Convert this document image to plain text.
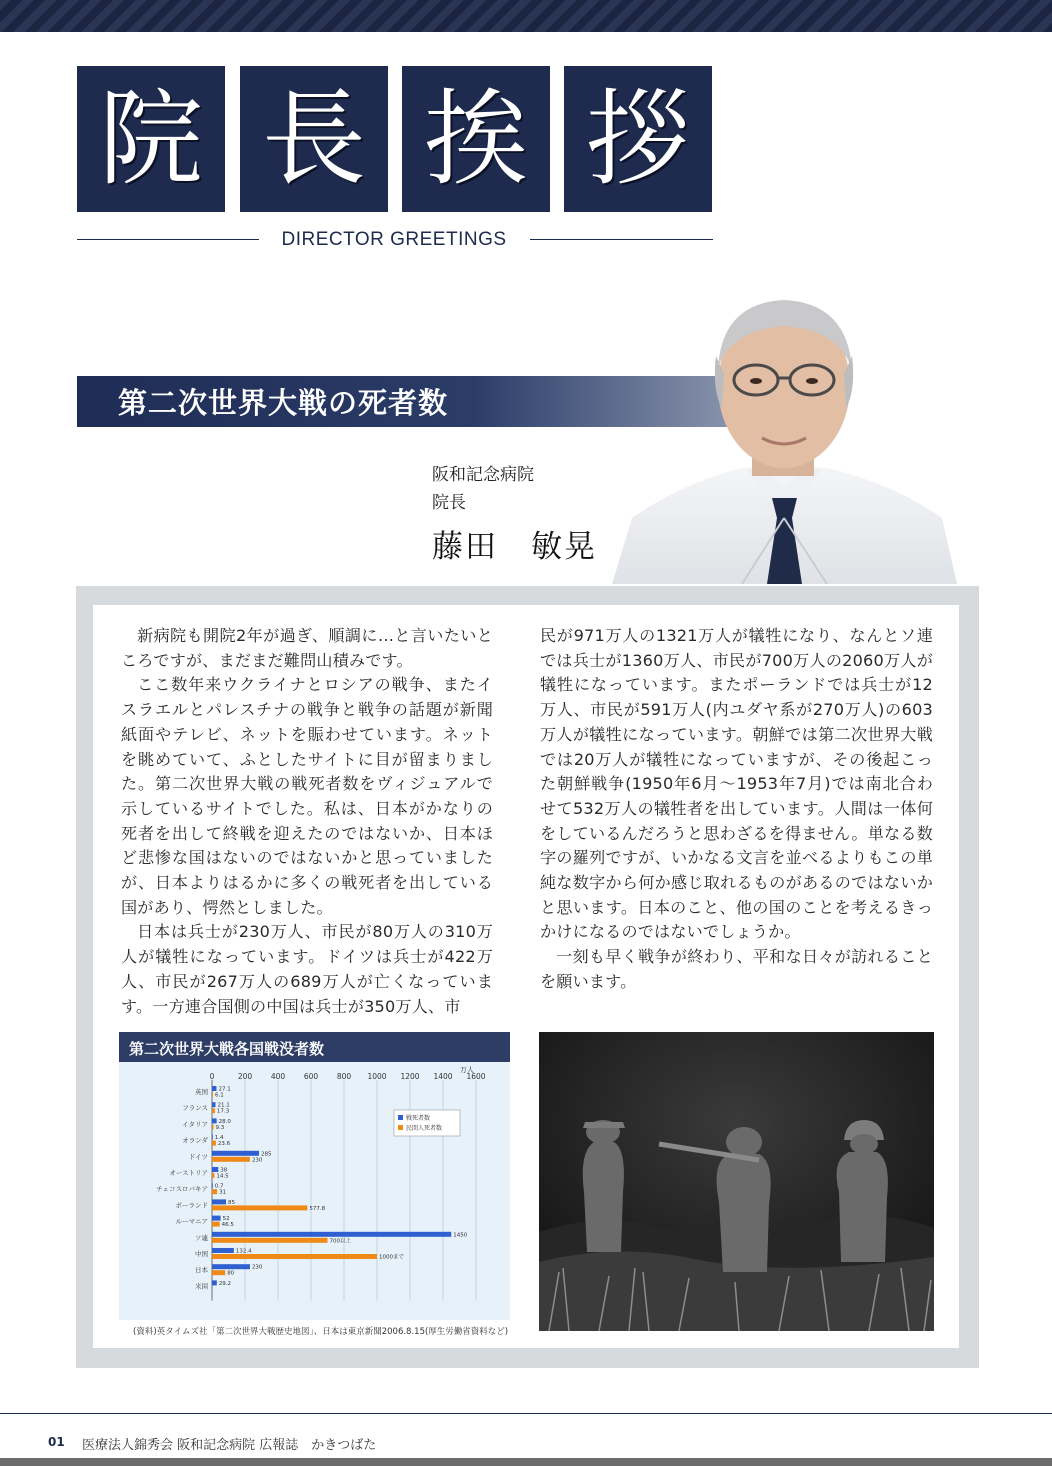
院 長 挨 拶
DIRECTOR GREETINGS
第二次世界大戦の死者数
阪和記念病院
院長
藤田　敏晃

新病院も開院2年が過ぎ、順調に…と言いたいところですが、まだまだ難問山積みです。

ここ数年来ウクライナとロシアの戦争、またイスラエルとパレスチナの戦争と戦争の話題が新聞紙面やテレビ、ネットを賑わせています。ネットを眺めていて、ふとしたサイトに目が留まりました。第二次世界大戦の戦死者数をヴィジュアルで示しているサイトでした。私は、日本がかなりの死者を出して終戦を迎えたのではないか、日本ほど悲惨な国はないのではないかと思っていましたが、日本よりはるかに多くの戦死者を出している国があり、愕然としました。

日本は兵士が230万人、市民が80万人の310万人が犠牲になっています。ドイツは兵士が422万人、市民が267万人の689万人が亡くなっています。一方連合国側の中国は兵士が350万人、市

民が971万人の1321万人が犠牲になり、なんとソ連では兵士が1360万人、市民が700万人の2060万人が犠牲になっています。またポーランドでは兵士が12万人、市民が591万人(内ユダヤ系が270万人)の603万人が犠牲になっています。朝鮮では第二次世界大戦では20万人が犠牲になっていますが、その後起こった朝鮮戦争(1950年6月～1953年7月)では南北合わせて532万人の犠牲者を出しています。人間は一体何をしているんだろうと思わざるを得ません。単なる数字の羅列ですが、いかなる文言を並べるよりもこの単純な数字から何か感じ取れるものがあるのではないかと思います。日本のこと、他の国のことを考えるきっかけになるのではないでしょうか。

一刻も早く戦争が終わり、平和な日々が訪れることを願います。

第二次世界大戦各国戦没者数
万人
0	200 400 600 800 1000 1200 1400 1600
英国 27.1
6.1
フランス 21.1
17.3
イタリア 28.0
9.3
オランダ 1.4
23.6
ドイツ	285
230
オーストリア 38
14.5
チェコスロバキア 0.7
31
ポーランド	85
577.8
ルーマニア	52
46.5
ソ連	1450
700以上
中国	132.4
1000まで
日本	230
80
米国 29.2
戦死者数
民間人死者数
(資料)英タイムズ社「第二次世界大戦歴史地図」、日本は東京新聞2006.8.15(厚生労働省資料など)
01 医療法人錦秀会 阪和記念病院 広報誌　かきつばた
